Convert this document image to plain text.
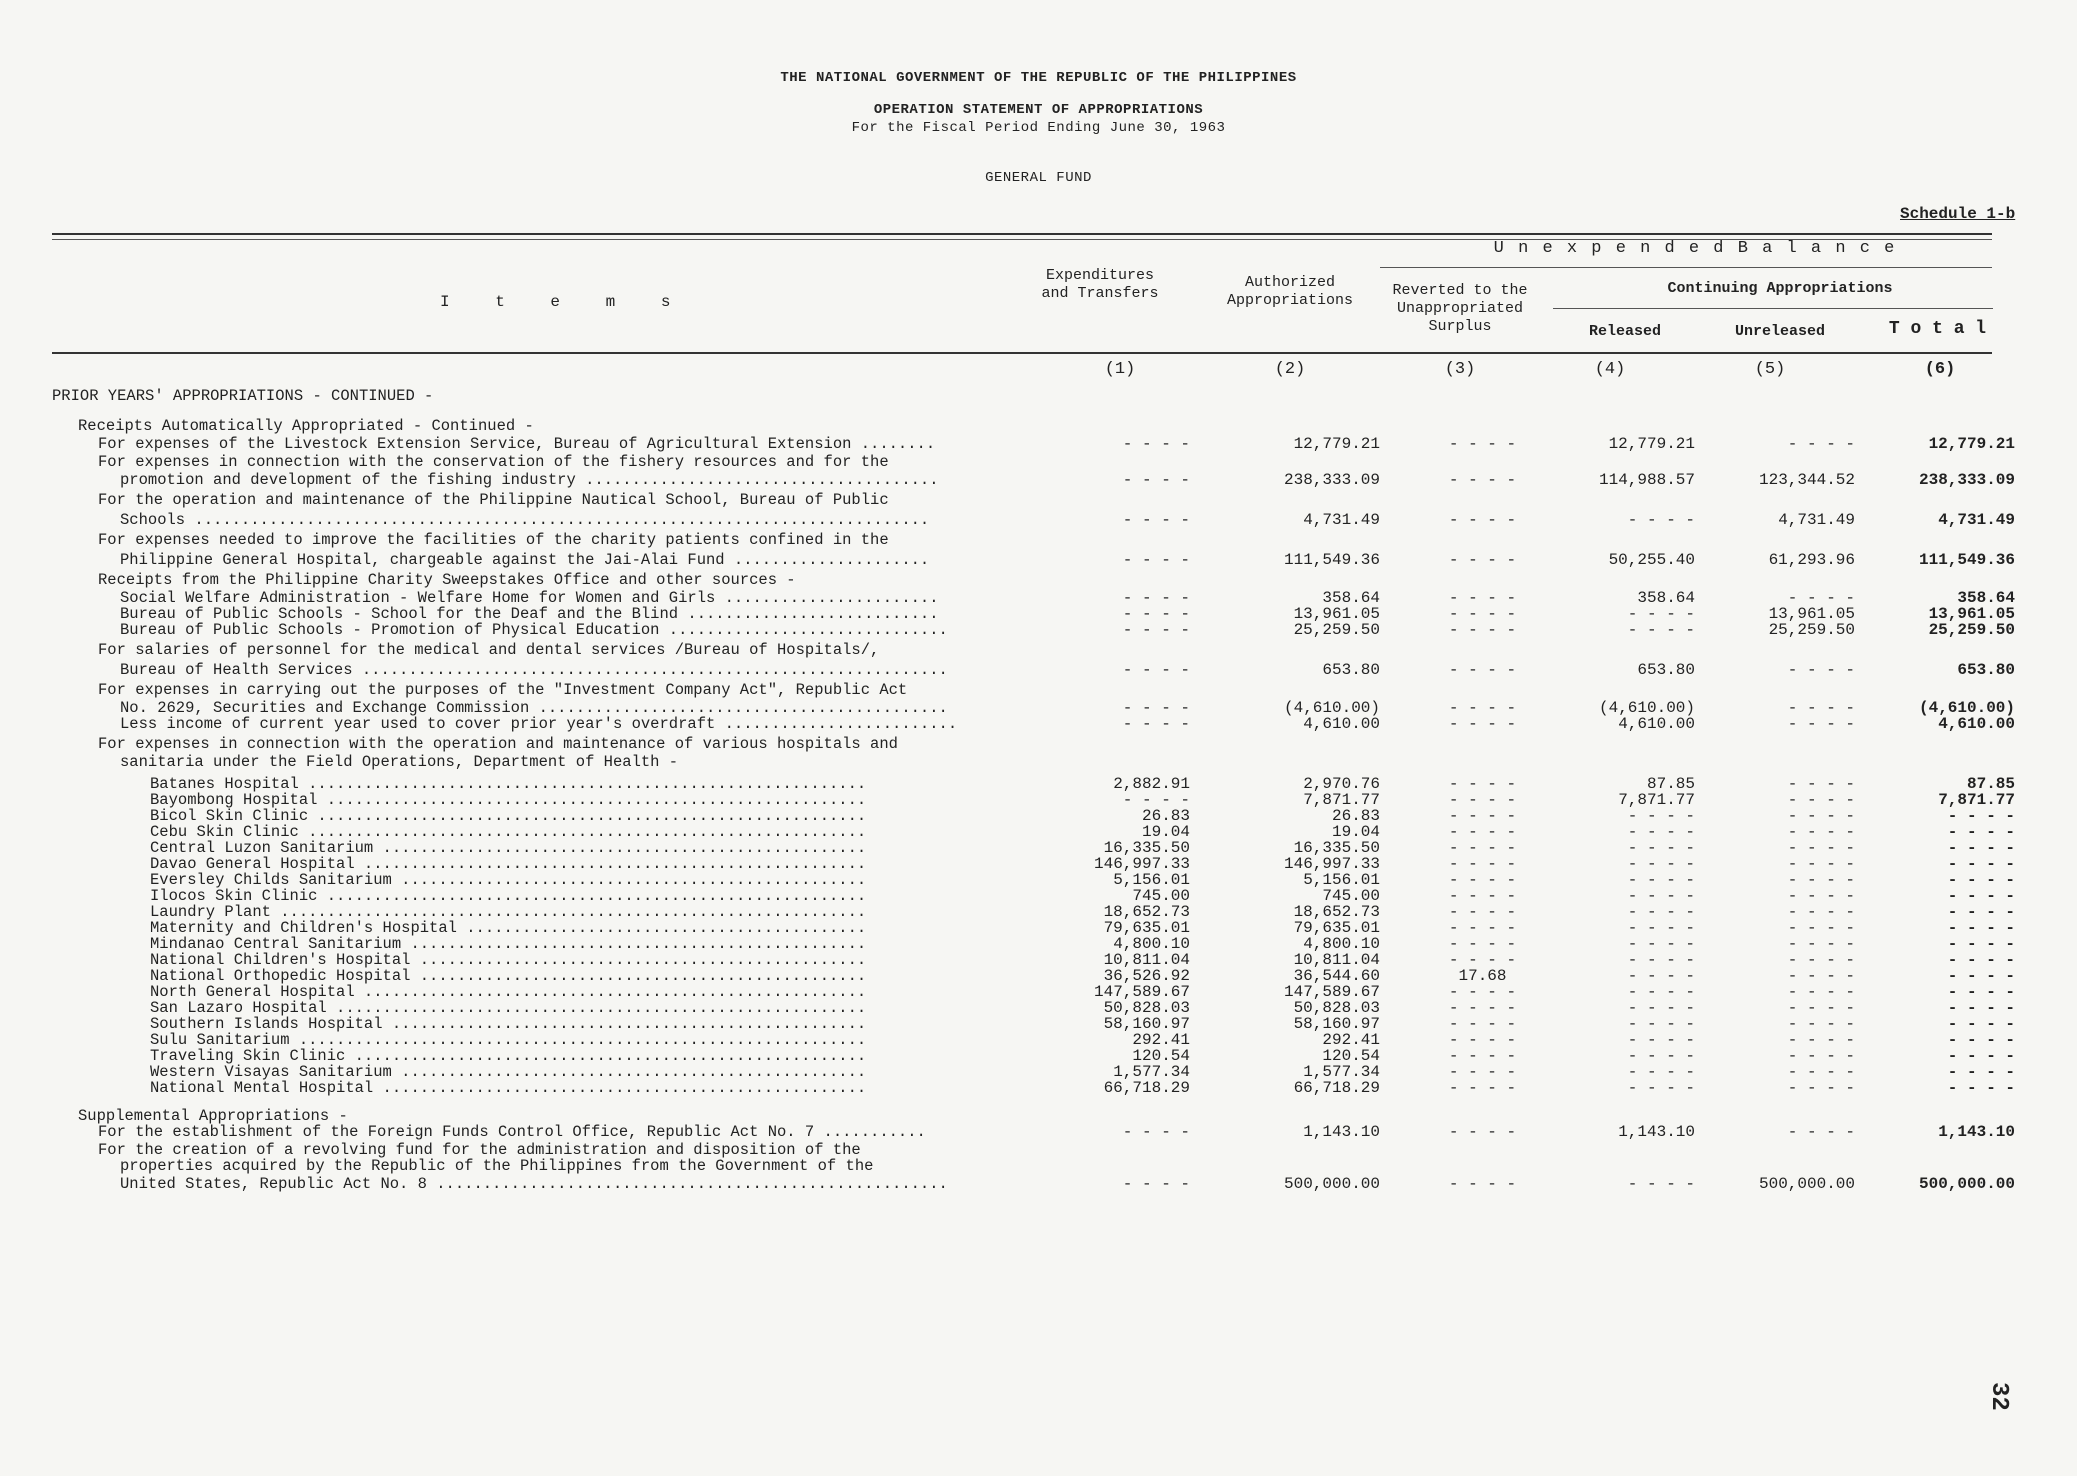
THE NATIONAL GOVERNMENT OF THE REPUBLIC OF THE PHILIPPINES
OPERATION STATEMENT OF APPROPRIATIONS
For the Fiscal Period Ending June 30, 1963
GENERAL FUND
Schedule 1-b
I t e m s
Expenditures and Transfers
Authorized Appropriations
U n e x p e n d e d B a l a n c e
Reverted to the Unappropriated Surplus
Continuing Appropriations
Released	Unreleased	T o t a l
(1)	(2)	(3)	(4)	(5)	(6)
PRIOR YEARS' APPROPRIATIONS - CONTINUED -
Receipts Automatically Appropriated - Continued -
For expenses of the Livestock Extension Service, Bureau of Agricultural Extension ........	- - - -	12,779.21	- - - -	12,779.21	- - - -	12,779.21
For expenses in connection with the conservation of the fishery resources and for the
promotion and development of the fishing industry ......................................	- - - -	238,333.09	- - - -	114,988.57	123,344.52	238,333.09
For the operation and maintenance of the Philippine Nautical School, Bureau of Public
Schools ...............................................................................	- - - -	4,731.49	- - - -	- - - -	4,731.49	4,731.49
For expenses needed to improve the facilities of the charity patients confined in the
Philippine General Hospital, chargeable against the Jai-Alai Fund .....................	- - - -	111,549.36	- - - -	50,255.40	61,293.96	111,549.36
Receipts from the Philippine Charity Sweepstakes Office and other sources -
Social Welfare Administration - Welfare Home for Women and Girls .......................	- - - -	358.64	- - - -	358.64	- - - -	358.64
Bureau of Public Schools - School for the Deaf and the Blind ...........................	- - - -	13,961.05	- - - -	- - - -	13,961.05	13,961.05
Bureau of Public Schools - Promotion of Physical Education ..............................	- - - -	25,259.50	- - - -	- - - -	25,259.50	25,259.50
For salaries of personnel for the medical and dental services /Bureau of Hospitals/,
Bureau of Health Services ...............................................................	- - - -	653.80	- - - -	653.80	- - - -	653.80
For expenses in carrying out the purposes of the "Investment Company Act", Republic Act
No. 2629, Securities and Exchange Commission ............................................	- - - -	(4,610.00)	- - - -	(4,610.00)	- - - -	(4,610.00)
Less income of current year used to cover prior year's overdraft .........................	- - - -	4,610.00	- - - -	4,610.00	- - - -	4,610.00
For expenses in connection with the operation and maintenance of various hospitals and
sanitaria under the Field Operations, Department of Health -
Batanes Hospital ............................................................	2,882.91	2,970.76	- - - -	87.85	- - - -	87.85
Bayombong Hospital ..........................................................	- - - -	7,871.77	- - - -	7,871.77	- - - -	7,871.77
Bicol Skin Clinic ...........................................................	26.83	26.83	- - - -	- - - -	- - - -	- - - -
Cebu Skin Clinic ............................................................	19.04	19.04	- - - -	- - - -	- - - -	- - - -
Central Luzon Sanitarium ....................................................	16,335.50	16,335.50	- - - -	- - - -	- - - -	- - - -
Davao General Hospital ......................................................	146,997.33	146,997.33	- - - -	- - - -	- - - -	- - - -
Eversley Childs Sanitarium ..................................................	5,156.01	5,156.01	- - - -	- - - -	- - - -	- - - -
Ilocos Skin Clinic ..........................................................	745.00	745.00	- - - -	- - - -	- - - -	- - - -
Laundry Plant ...............................................................	18,652.73	18,652.73	- - - -	- - - -	- - - -	- - - -
Maternity and Children's Hospital ...........................................	79,635.01	79,635.01	- - - -	- - - -	- - - -	- - - -
Mindanao Central Sanitarium .................................................	4,800.10	4,800.10	- - - -	- - - -	- - - -	- - - -
National Children's Hospital ................................................	10,811.04	10,811.04	- - - -	- - - -	- - - -	- - - -
National Orthopedic Hospital ................................................	36,526.92	36,544.60	17.68	- - - -	- - - -	- - - -
North General Hospital ......................................................	147,589.67	147,589.67	- - - -	- - - -	- - - -	- - - -
San Lazaro Hospital .........................................................	50,828.03	50,828.03	- - - -	- - - -	- - - -	- - - -
Southern Islands Hospital ...................................................	58,160.97	58,160.97	- - - -	- - - -	- - - -	- - - -
Sulu Sanitarium .............................................................	292.41	292.41	- - - -	- - - -	- - - -	- - - -
Traveling Skin Clinic .......................................................	120.54	120.54	- - - -	- - - -	- - - -	- - - -
Western Visayas Sanitarium ..................................................	1,577.34	1,577.34	- - - -	- - - -	- - - -	- - - -
National Mental Hospital ....................................................	66,718.29	66,718.29	- - - -	- - - -	- - - -	- - - -
Supplemental Appropriations -
For the establishment of the Foreign Funds Control Office, Republic Act No. 7 ...........	- - - -	1,143.10	- - - -	1,143.10	- - - -	1,143.10
For the creation of a revolving fund for the administration and disposition of the
properties acquired by the Republic of the Philippines from the Government of the
United States, Republic Act No. 8 .......................................................	- - - -	500,000.00	- - - -	- - - -	500,000.00	500,000.00
32
